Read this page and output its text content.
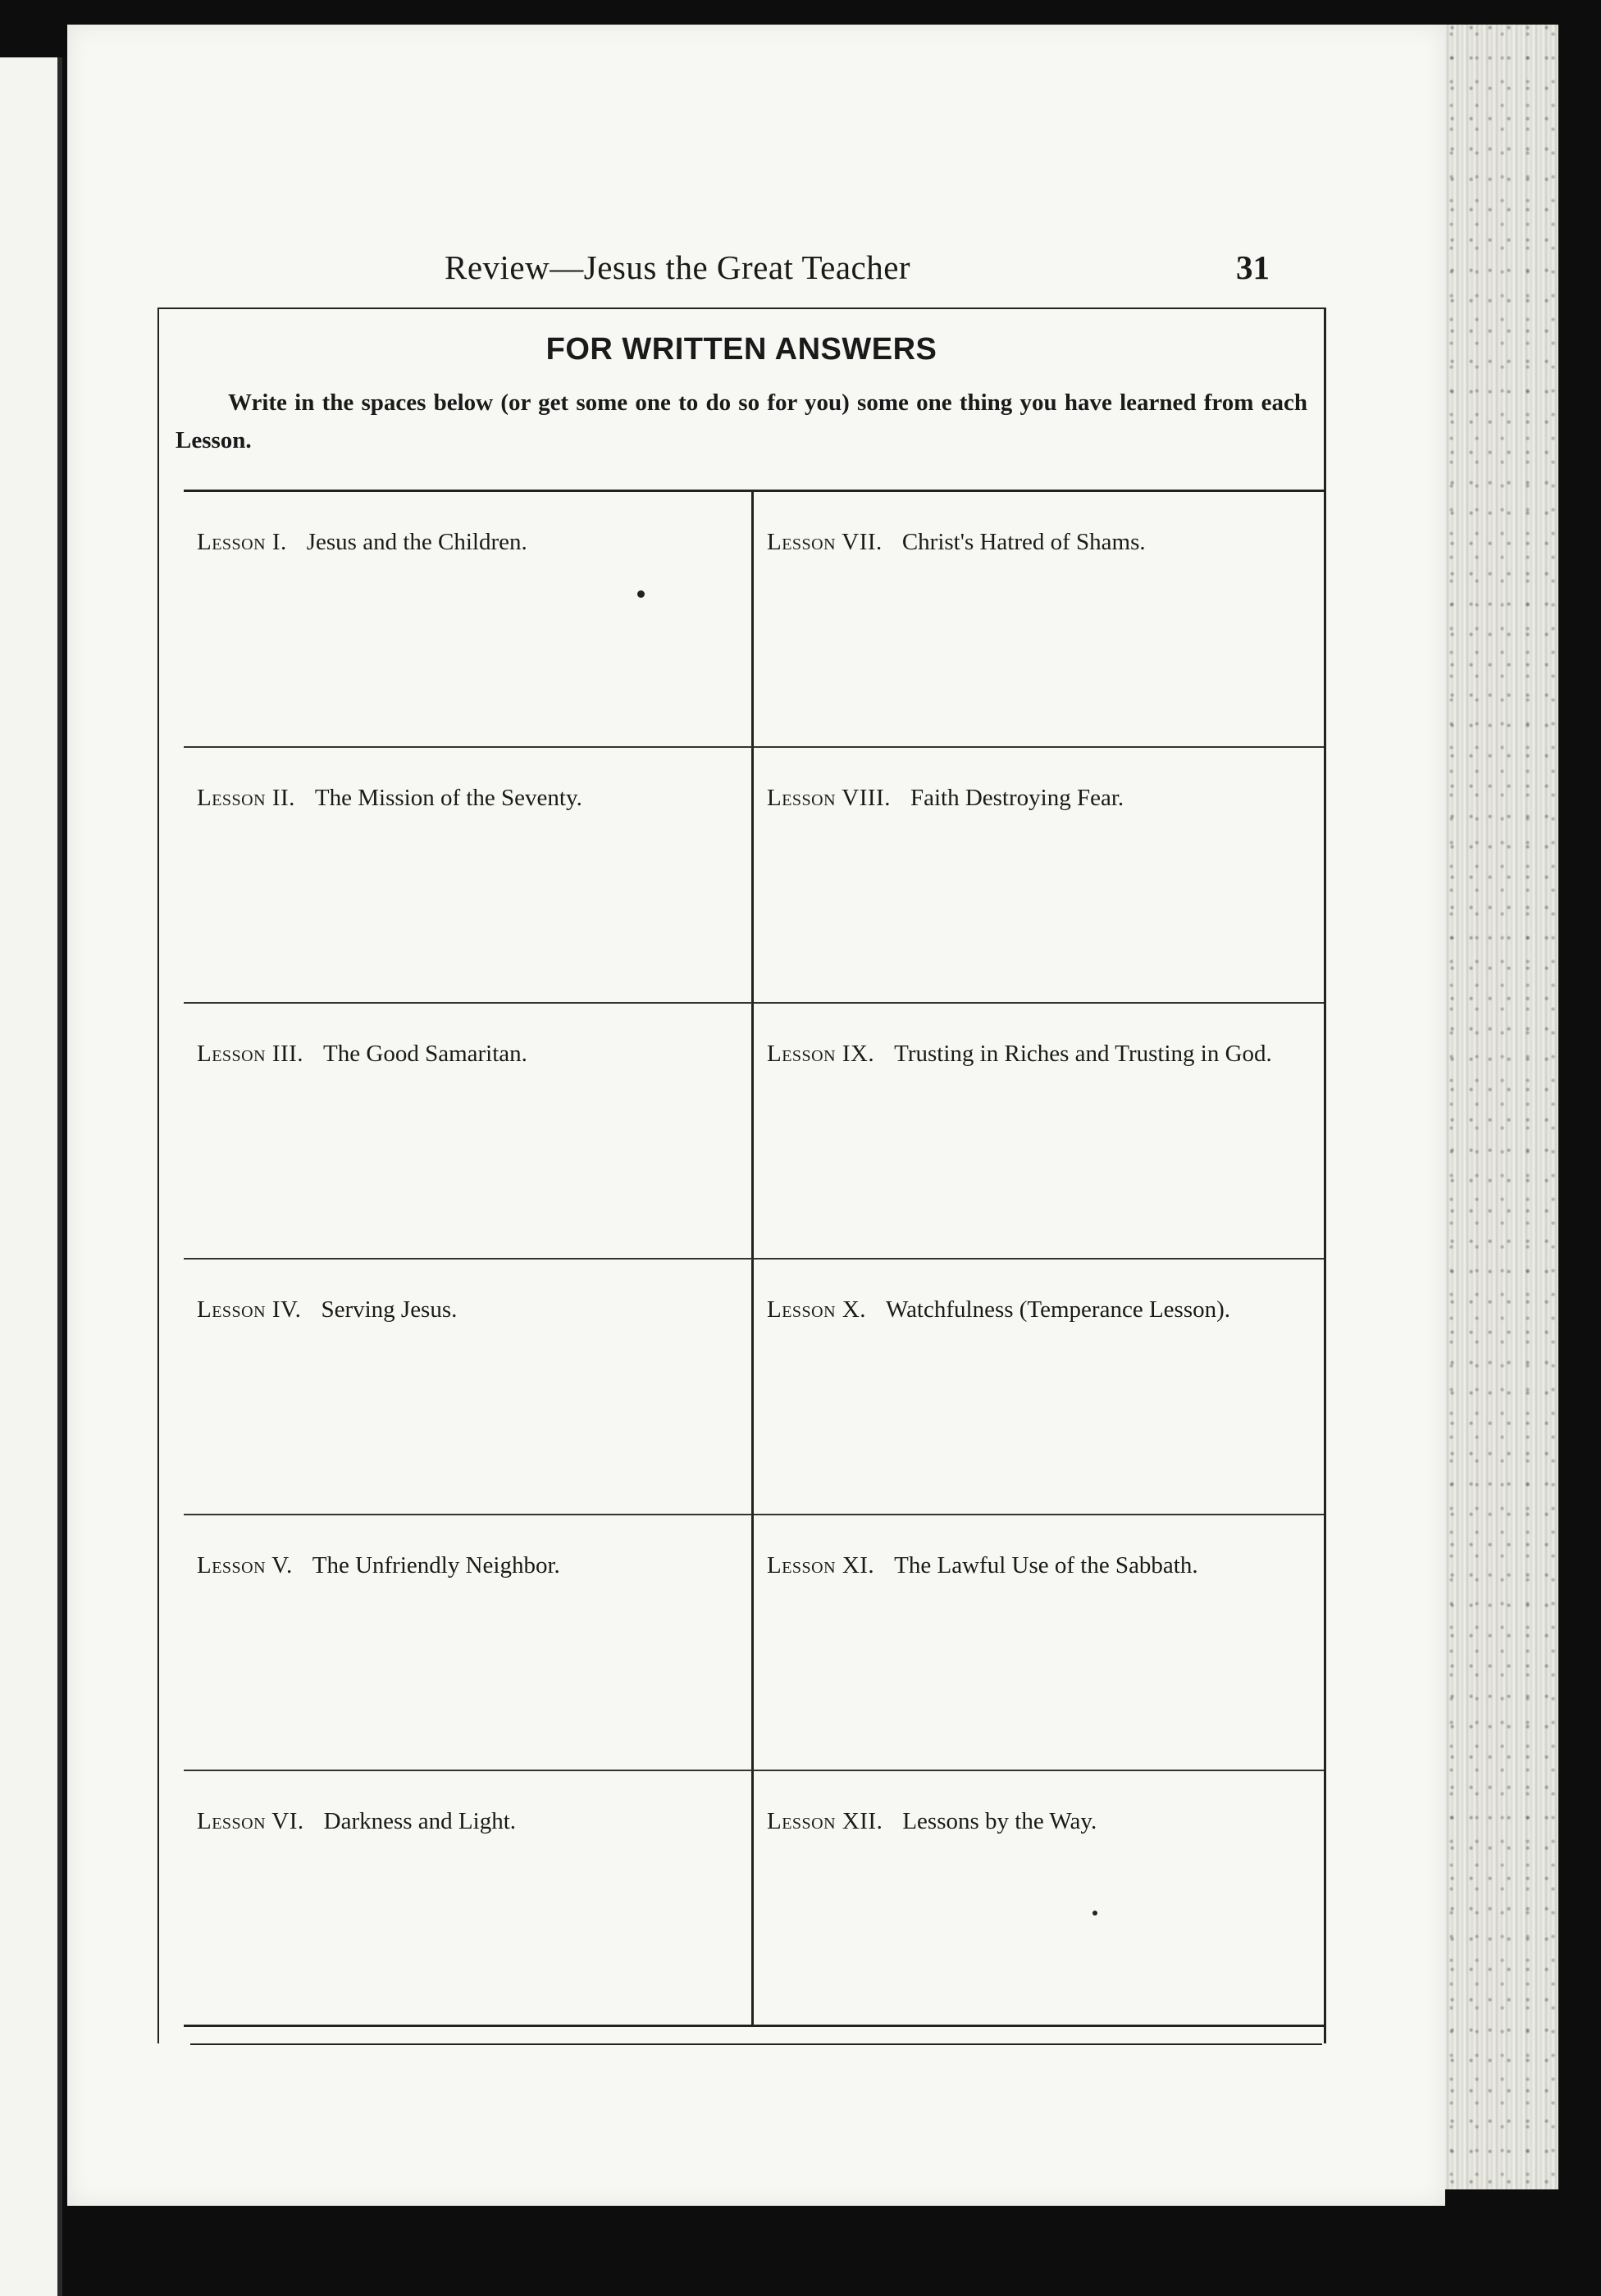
Review—Jesus the Great Teacher	31
FOR WRITTEN ANSWERS
Write in the spaces below (or get some one to do so for you) some one thing you have learned from each Lesson.
Lesson I. Jesus and the Children.	Lesson VII. Christ's Hatred of Shams.
Lesson II. The Mission of the Seventy.	Lesson VIII. Faith Destroying Fear.
Lesson III. The Good Samaritan.	Lesson IX. Trusting in Riches and Trusting in God.
Lesson IV. Serving Jesus.	Lesson X. Watchfulness (Temperance Lesson).
Lesson V. The Unfriendly Neighbor.	Lesson XI. The Lawful Use of the Sabbath.
Lesson VI. Darkness and Light.	Lesson XII. Lessons by the Way.
